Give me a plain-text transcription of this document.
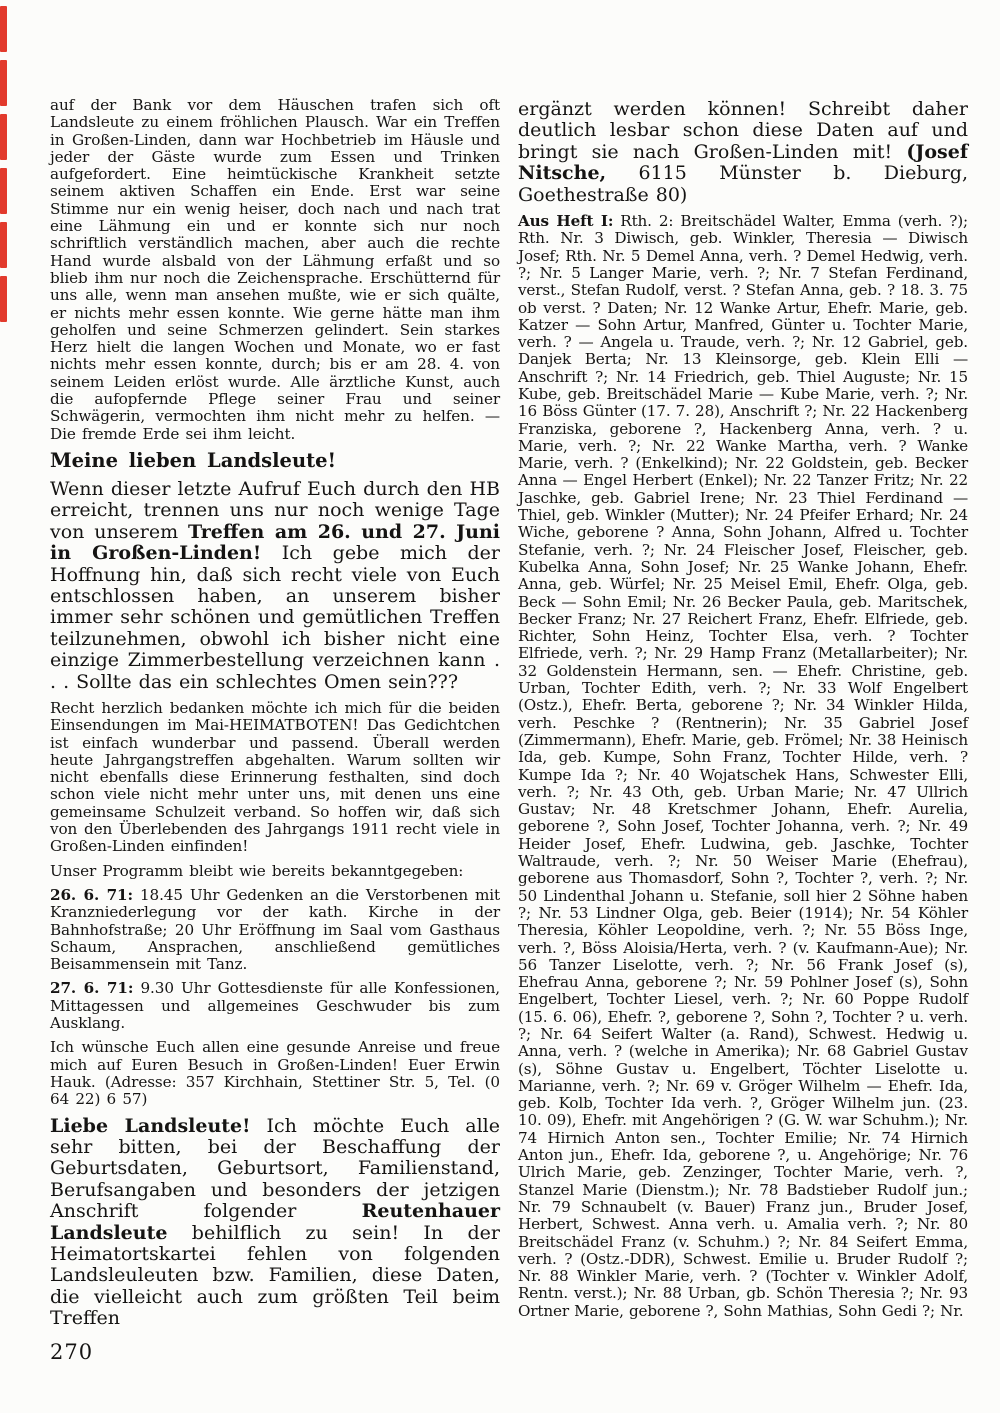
auf der Bank vor dem Häuschen trafen sich oft Landsleute zu einem fröhlichen Plausch. War ein Treffen in Großen-Linden, dann war Hochbetrieb im Häusle und jeder der Gäste wurde zum Essen und Trinken aufgefordert. Eine heimtückische Krankheit setzte seinem aktiven Schaffen ein Ende. Erst war seine Stimme nur ein wenig heiser, doch nach und nach trat eine Lähmung ein und er konnte sich nur noch schriftlich verständlich machen, aber auch die rechte Hand wurde alsbald von der Lähmung erfaßt und so blieb ihm nur noch die Zeichensprache. Erschütternd für uns alle, wenn man ansehen mußte, wie er sich quälte, er nichts mehr essen konnte. Wie gerne hätte man ihm geholfen und seine Schmerzen gelindert. Sein starkes Herz hielt die langen Wochen und Monate, wo er fast nichts mehr essen konnte, durch; bis er am 28. 4. von seinem Leiden erlöst wurde. Alle ärztliche Kunst, auch die aufopfernde Pflege seiner Frau und seiner Schwägerin, vermochten ihm nicht mehr zu helfen. — Die fremde Erde sei ihm leicht.

Meine lieben Landsleute!

Wenn dieser letzte Aufruf Euch durch den HB erreicht, trennen uns nur noch wenige Tage von unserem Treffen am 26. und 27. Juni in Großen-Linden! Ich gebe mich der Hoffnung hin, daß sich recht viele von Euch entschlossen haben, an unserem bisher immer sehr schönen und gemütlichen Treffen teilzunehmen, obwohl ich bisher nicht eine einzige Zimmerbestellung verzeichnen kann . . . Sollte das ein schlechtes Omen sein???

Recht herzlich bedanken möchte ich mich für die beiden Einsendungen im Mai-HEIMATBOTEN! Das Gedichtchen ist einfach wunderbar und passend. Überall werden heute Jahrgangstreffen abgehalten. Warum sollten wir nicht ebenfalls diese Erinnerung festhalten, sind doch schon viele nicht mehr unter uns, mit denen uns eine gemeinsame Schulzeit verband. So hoffen wir, daß sich von den Überlebenden des Jahrgangs 1911 recht viele in Großen-Linden einfinden!

Unser Programm bleibt wie bereits bekanntgegeben:

26. 6. 71: 18.45 Uhr Gedenken an die Verstorbenen mit Kranzniederlegung vor der kath. Kirche in der Bahnhofstraße; 20 Uhr Eröffnung im Saal vom Gasthaus Schaum, Ansprachen, anschließend gemütliches Beisammensein mit Tanz.

27. 6. 71: 9.30 Uhr Gottesdienste für alle Konfessionen, Mittagessen und allgemeines Geschwuder bis zum Ausklang.

Ich wünsche Euch allen eine gesunde Anreise und freue mich auf Euren Besuch in Großen-Linden! Euer Erwin Hauk. (Adresse: 357 Kirchhain, Stettiner Str. 5, Tel. (0 64 22) 6 57)

Liebe Landsleute! Ich möchte Euch alle sehr bitten, bei der Beschaffung der Geburtsdaten, Geburtsort, Familienstand, Berufsangaben und besonders der jetzigen Anschrift folgender Reutenhauer Landsleute behilflich zu sein! In der Heimatortskartei fehlen von folgenden Landsleuleuten bzw. Familien, diese Daten, die vielleicht auch zum größten Teil beim Treffen

ergänzt werden können! Schreibt daher deutlich lesbar schon diese Daten auf und bringt sie nach Großen-Linden mit! (Josef Nitsche, 6115 Münster b. Dieburg, Goethestraße 80)

Aus Heft I: Rth. 2: Breitschädel Walter, Emma (verh. ?); Rth. Nr. 3 Diwisch, geb. Winkler, Theresia — Diwisch Josef; Rth. Nr. 5 Demel Anna, verh. ? Demel Hedwig, verh. ?; Nr. 5 Langer Marie, verh. ?; Nr. 7 Stefan Ferdinand, verst., Stefan Rudolf, verst. ? Stefan Anna, geb. ? 18. 3. 75 ob verst. ? Daten; Nr. 12 Wanke Artur, Ehefr. Marie, geb. Katzer — Sohn Artur, Manfred, Günter u. Tochter Marie, verh. ? — Angela u. Traude, verh. ?; Nr. 12 Gabriel, geb. Danjek Berta; Nr. 13 Kleinsorge, geb. Klein Elli — Anschrift ?; Nr. 14 Friedrich, geb. Thiel Auguste; Nr. 15 Kube, geb. Breitschädel Marie — Kube Marie, verh. ?; Nr. 16 Böss Günter (17. 7. 28), Anschrift ?; Nr. 22 Hackenberg Franziska, geborene ?, Hackenberg Anna, verh. ? u. Marie, verh. ?; Nr. 22 Wanke Martha, verh. ? Wanke Marie, verh. ? (Enkelkind); Nr. 22 Goldstein, geb. Becker Anna — Engel Herbert (Enkel); Nr. 22 Tanzer Fritz; Nr. 22 Jaschke, geb. Gabriel Irene; Nr. 23 Thiel Ferdinand — Thiel, geb. Winkler (Mutter); Nr. 24 Pfeifer Erhard; Nr. 24 Wiche, geborene ? Anna, Sohn Johann, Alfred u. Tochter Stefanie, verh. ?; Nr. 24 Fleischer Josef, Fleischer, geb. Kubelka Anna, Sohn Josef; Nr. 25 Wanke Johann, Ehefr. Anna, geb. Würfel; Nr. 25 Meisel Emil, Ehefr. Olga, geb. Beck — Sohn Emil; Nr. 26 Becker Paula, geb. Maritschek, Becker Franz; Nr. 27 Reichert Franz, Ehefr. Elfriede, geb. Richter, Sohn Heinz, Tochter Elsa, verh. ? Tochter Elfriede, verh. ?; Nr. 29 Hamp Franz (Metallarbeiter); Nr. 32 Goldenstein Hermann, sen. — Ehefr. Christine, geb. Urban, Tochter Edith, verh. ?; Nr. 33 Wolf Engelbert (Ostz.), Ehefr. Berta, geborene ?; Nr. 34 Winkler Hilda, verh. Peschke ? (Rentnerin); Nr. 35 Gabriel Josef (Zimmermann), Ehefr. Marie, geb. Frömel; Nr. 38 Heinisch Ida, geb. Kumpe, Sohn Franz, Tochter Hilde, verh. ? Kumpe Ida ?; Nr. 40 Wojatschek Hans, Schwester Elli, verh. ?; Nr. 43 Oth, geb. Urban Marie; Nr. 47 Ullrich Gustav; Nr. 48 Kretschmer Johann, Ehefr. Aurelia, geborene ?, Sohn Josef, Tochter Johanna, verh. ?; Nr. 49 Heider Josef, Ehefr. Ludwina, geb. Jaschke, Tochter Waltraude, verh. ?; Nr. 50 Weiser Marie (Ehefrau), geborene aus Thomasdorf, Sohn ?, Tochter ?, verh. ?; Nr. 50 Lindenthal Johann u. Stefanie, soll hier 2 Söhne haben ?; Nr. 53 Lindner Olga, geb. Beier (1914); Nr. 54 Köhler Theresia, Köhler Leopoldine, verh. ?; Nr. 55 Böss Inge, verh. ?, Böss Aloisia/Herta, verh. ? (v. Kaufmann-Aue); Nr. 56 Tanzer Liselotte, verh. ?; Nr. 56 Frank Josef (s), Ehefrau Anna, geborene ?; Nr. 59 Pohlner Josef (s), Sohn Engelbert, Tochter Liesel, verh. ?; Nr. 60 Poppe Rudolf (15. 6. 06), Ehefr. ?, geborene ?, Sohn ?, Tochter ? u. verh. ?; Nr. 64 Seifert Walter (a. Rand), Schwest. Hedwig u. Anna, verh. ? (welche in Amerika); Nr. 68 Gabriel Gustav (s), Söhne Gustav u. Engelbert, Töchter Liselotte u. Marianne, verh. ?; Nr. 69 v. Gröger Wilhelm — Ehefr. Ida, geb. Kolb, Tochter Ida verh. ?, Gröger Wilhelm jun. (23. 10. 09), Ehefr. mit Angehörigen ? (G. W. war Schuhm.); Nr. 74 Hirnich Anton sen., Tochter Emilie; Nr. 74 Hirnich Anton jun., Ehefr. Ida, geborene ?, u. Angehörige; Nr. 76 Ulrich Marie, geb. Zenzinger, Tochter Marie, verh. ?, Stanzel Marie (Dienstm.); Nr. 78 Badstieber Rudolf jun.; Nr. 79 Schnaubelt (v. Bauer) Franz jun., Bruder Josef, Herbert, Schwest. Anna verh. u. Amalia verh. ?; Nr. 80 Breitschädel Franz (v. Schuhm.) ?; Nr. 84 Seifert Emma, verh. ? (Ostz.-DDR), Schwest. Emilie u. Bruder Rudolf ?; Nr. 88 Winkler Marie, verh. ? (Tochter v. Winkler Adolf, Rentn. verst.); Nr. 88 Urban, gb. Schön Theresia ?; Nr. 93 Ortner Marie, geborene ?, Sohn Mathias, Sohn Gedi ?; Nr.

270
